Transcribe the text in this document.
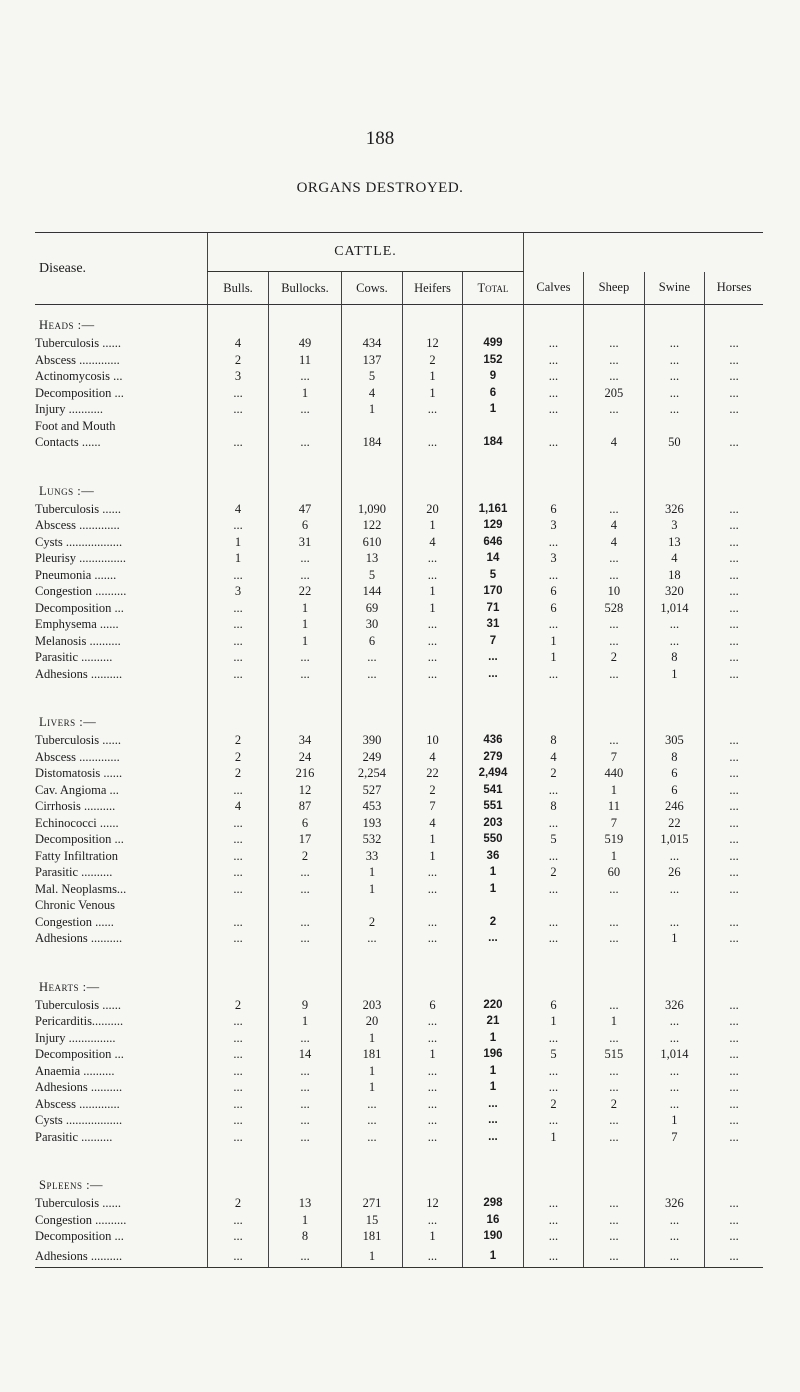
188
ORGANS DESTROYED.
Disease.	CATTLE.								
	Bulls.	Bullocks.	Cows.	Heifers	Total	Calves	Sheep	Swine	Horses
Heads :—									
Tuberculosis ......	4	49	434	12	499	...	...	...	...
Abscess .............	2	11	137	2	152	...	...	...	...
Actinomycosis ...	3	...	5	1	9	...	...	...	...
Decomposition ...	...	1	4	1	6	...	205	...	...
Injury ...........	...	...	1	...	1	...	...	...	...
Foot and Mouth									
Contacts ......	...	...	184	...	184	...	4	50	...

Lungs :—									
Tuberculosis ......	4	47	1,090	20	1,161	6	...	326	...
Abscess .............	...	6	122	1	129	3	4	3	...
Cysts ..................	1	31	610	4	646	...	4	13	...
Pleurisy ...............	1	...	13	...	14	3	...	4	...
Pneumonia .......	...	...	5	...	5	...	...	18	...
Congestion ..........	3	22	144	1	170	6	10	320	...
Decomposition ...	...	1	69	1	71	6	528	1,014	...
Emphysema ......	...	1	30	...	31	...	...	...	...
Melanosis ..........	...	1	6	...	7	1	...	...	...
Parasitic ..........	...	...	...	...	...	1	2	8	...
Adhesions ..........	...	...	...	...	...	...	...	1	...

Livers :—									
Tuberculosis ......	2	34	390	10	436	8	...	305	...
Abscess .............	2	24	249	4	279	4	7	8	...
Distomatosis ......	2	216	2,254	22	2,494	2	440	6	...
Cav. Angioma ...	...	12	527	2	541	...	1	6	...
Cirrhosis ..........	4	87	453	7	551	8	11	246	...
Echinococci ......	...	6	193	4	203	...	7	22	...
Decomposition ...	...	17	532	1	550	5	519	1,015	...
Fatty Infiltration	...	2	33	1	36	...	1	...	...
Parasitic ..........	...	...	1	...	1	2	60	26	...
Mal. Neoplasms...	...	...	1	...	1	...	...	...	...
Chronic Venous									
Congestion ......	...	...	2	...	2	...	...	...	...
Adhesions ..........	...	...	...	...	...	...	...	1	...

Hearts :—									
Tuberculosis ......	2	9	203	6	220	6	...	326	...
Pericarditis..........	...	1	20	...	21	1	1	...	...
Injury ...............	...	...	1	...	1	...	...	...	...
Decomposition ...	...	14	181	1	196	5	515	1,014	...
Anaemia ..........	...	...	1	...	1	...	...	...	...
Adhesions ..........	...	...	1	...	1	...	...	...	...
Abscess .............	...	...	...	...	...	2	2	...	...
Cysts ..................	...	...	...	...	...	...	...	1	...
Parasitic ..........	...	...	...	...	...	1	...	7	...

Spleens :—									
Tuberculosis ......	2	13	271	12	298	...	...	326	...
Congestion ..........	...	1	15	...	16	...	...	...	...
Decomposition ...	...	8	181	1	190	...	...	...	...
Adhesions ..........	...	...	1	...	1	...	...	...	...
